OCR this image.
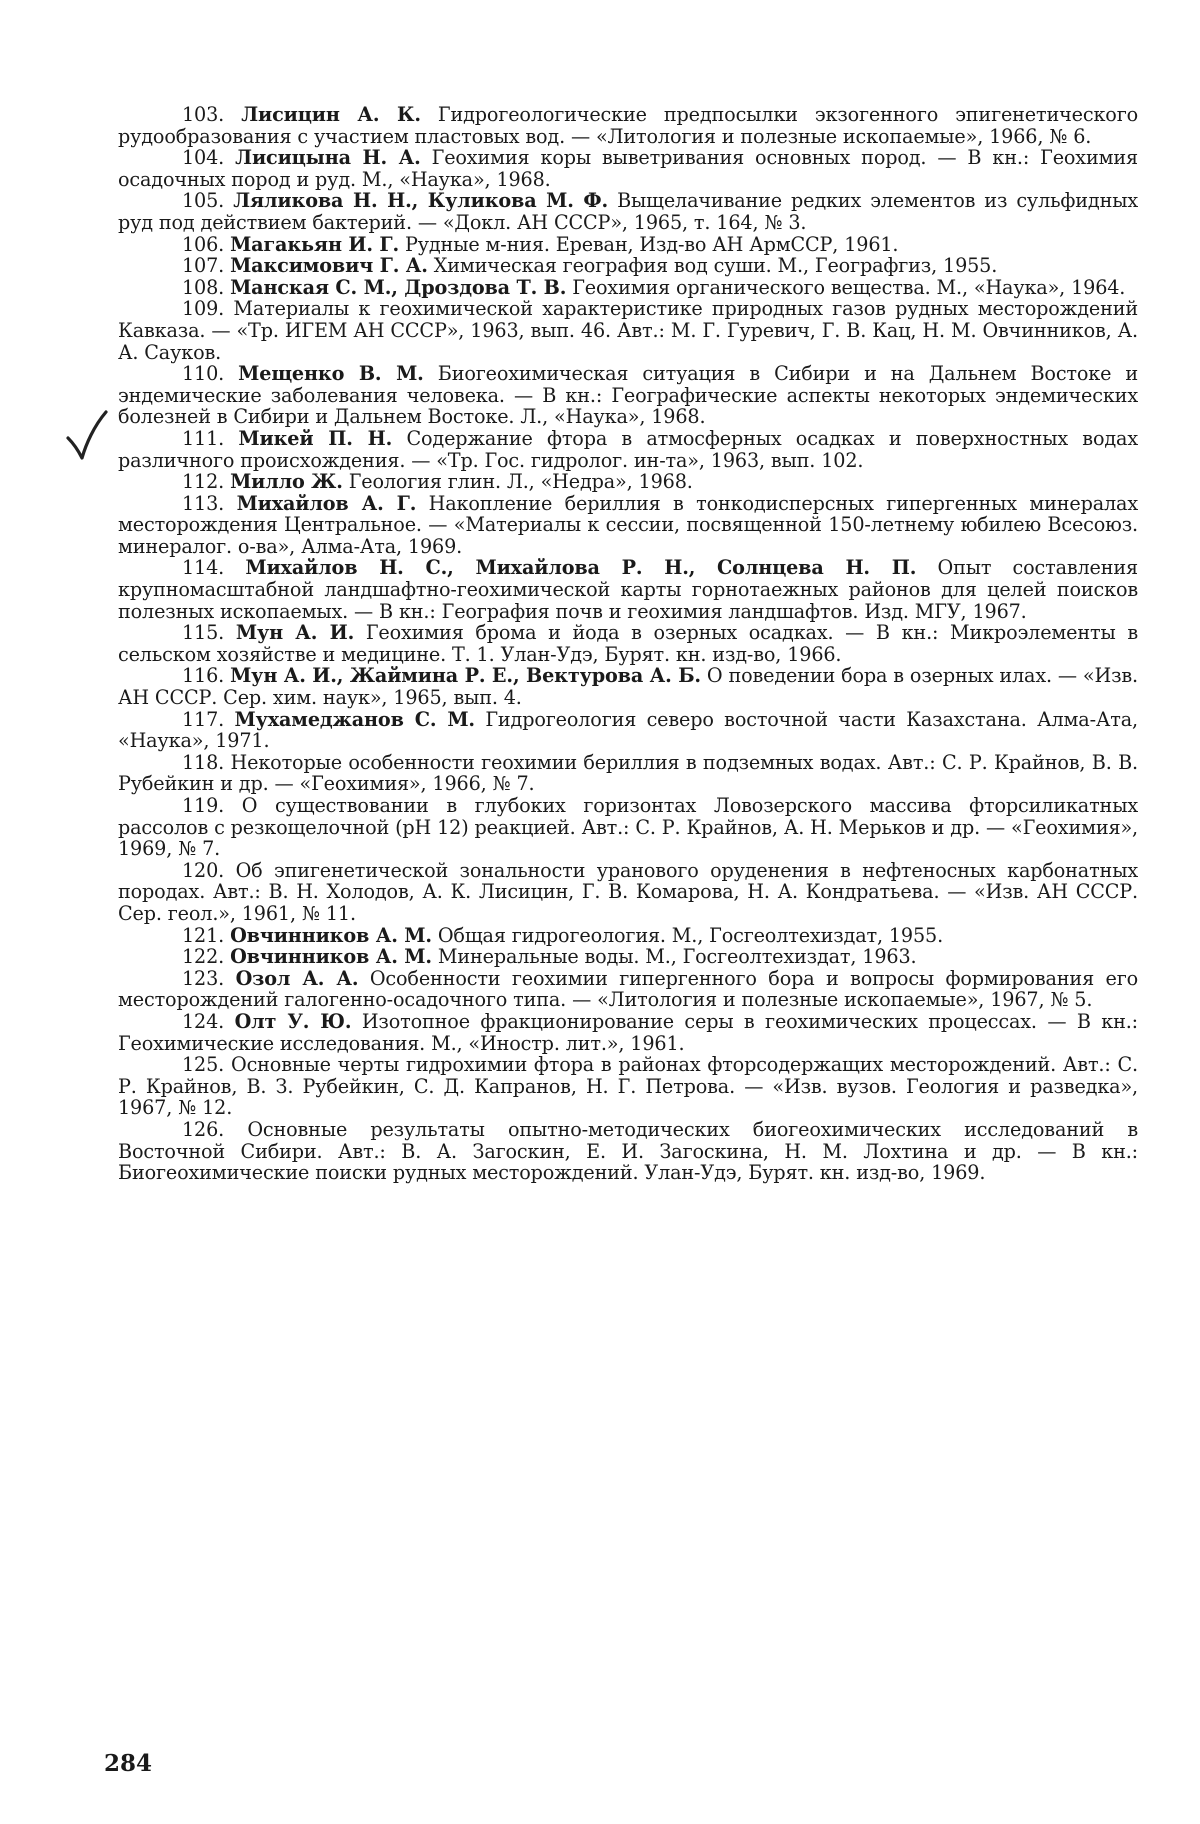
103. Лисицин А. К. Гидрогеологические предпосылки экзогенного эпигенетического рудообразования с участием пластовых вод. — «Литология и полезные ископаемые», 1966, № 6.

104. Лисицына Н. А. Геохимия коры выветривания основных пород. — В кн.: Геохимия осадочных пород и руд. М., «Наука», 1968.

105. Ляликова Н. Н., Куликова М. Ф. Выщелачивание редких элементов из сульфидных руд под действием бактерий. — «Докл. АН СССР», 1965, т. 164, № 3.

106. Магакьян И. Г. Рудные м-ния. Ереван, Изд-во АН АрмССР, 1961.

107. Максимович Г. А. Химическая география вод суши. М., Географгиз, 1955.

108. Манская С. М., Дроздова Т. В. Геохимия органического вещества. М., «Наука», 1964.

109. Материалы к геохимической характеристике природных газов рудных месторождений Кавказа. — «Тр. ИГЕМ АН СССР», 1963, вып. 46. Авт.: М. Г. Гуревич, Г. В. Кац, Н. М. Овчинников, А. А. Сауков.

110. Мещенко В. М. Биогеохимическая ситуация в Сибири и на Дальнем Востоке и эндемические заболевания человека. — В кн.: Географические аспекты некоторых эндемических болезней в Сибири и Дальнем Востоке. Л., «Наука», 1968.

111. Микей П. Н. Содержание фтора в атмосферных осадках и поверхностных водах различного происхождения. — «Тр. Гос. гидролог. ин-та», 1963, вып. 102.

112. Милло Ж. Геология глин. Л., «Недра», 1968.

113. Михайлов А. Г. Накопление бериллия в тонкодисперсных гипергенных минералах месторождения Центральное. — «Материалы к сессии, посвященной 150-летнему юбилею Всесоюз. минералог. о-ва», Алма-Ата, 1969.

114. Михайлов Н. С., Михайлова Р. Н., Солнцева Н. П. Опыт составления крупномасштабной ландшафтно-геохимической карты горнотаежных районов для целей поисков полезных ископаемых. — В кн.: География почв и геохимия ландшафтов. Изд. МГУ, 1967.

115. Мун А. И. Геохимия брома и йода в озерных осадках. — В кн.: Микроэлементы в сельском хозяйстве и медицине. Т. 1. Улан-Удэ, Бурят. кн. изд-во, 1966.

116. Мун А. И., Жаймина Р. Е., Вектурова А. Б. О поведении бора в озерных илах. — «Изв. АН СССР. Сер. хим. наук», 1965, вып. 4.

117. Мухамеджанов С. М. Гидрогеология северо восточной части Казахстана. Алма-Ата, «Наука», 1971.

118. Некоторые особенности геохимии бериллия в подземных водах. Авт.: С. Р. Крайнов, В. В. Рубейкин и др. — «Геохимия», 1966, № 7.

119. О существовании в глубоких горизонтах Ловозерского массива фторсиликатных рассолов с резкощелочной (pH 12) реакцией. Авт.: С. Р. Крайнов, А. Н. Мерьков и др. — «Геохимия», 1969, № 7.

120. Об эпигенетической зональности уранового оруденения в нефтеносных карбонатных породах. Авт.: В. Н. Холодов, А. К. Лисицин, Г. В. Комарова, Н. А. Кондратьева. — «Изв. АН СССР. Сер. геол.», 1961, № 11.

121. Овчинников А. М. Общая гидрогеология. М., Госгеолтехиздат, 1955.

122. Овчинников А. М. Минеральные воды. М., Госгеолтехиздат, 1963.

123. Озол А. А. Особенности геохимии гипергенного бора и вопросы формирования его месторождений галогенно-осадочного типа. — «Литология и полезные ископаемые», 1967, № 5.

124. Олт У. Ю. Изотопное фракционирование серы в геохимических процессах. — В кн.: Геохимические исследования. М., «Иностр. лит.», 1961.

125. Основные черты гидрохимии фтора в районах фторсодержащих месторождений. Авт.: С. Р. Крайнов, В. З. Рубейкин, С. Д. Капранов, Н. Г. Петрова. — «Изв. вузов. Геология и разведка», 1967, № 12.

126. Основные результаты опытно-методических биогеохимических исследований в Восточной Сибири. Авт.: В. А. Загоскин, Е. И. Загоскина, Н. М. Лохтина и др. — В кн.: Биогеохимические поиски рудных месторождений. Улан-Удэ, Бурят. кн. изд-во, 1969.

284
